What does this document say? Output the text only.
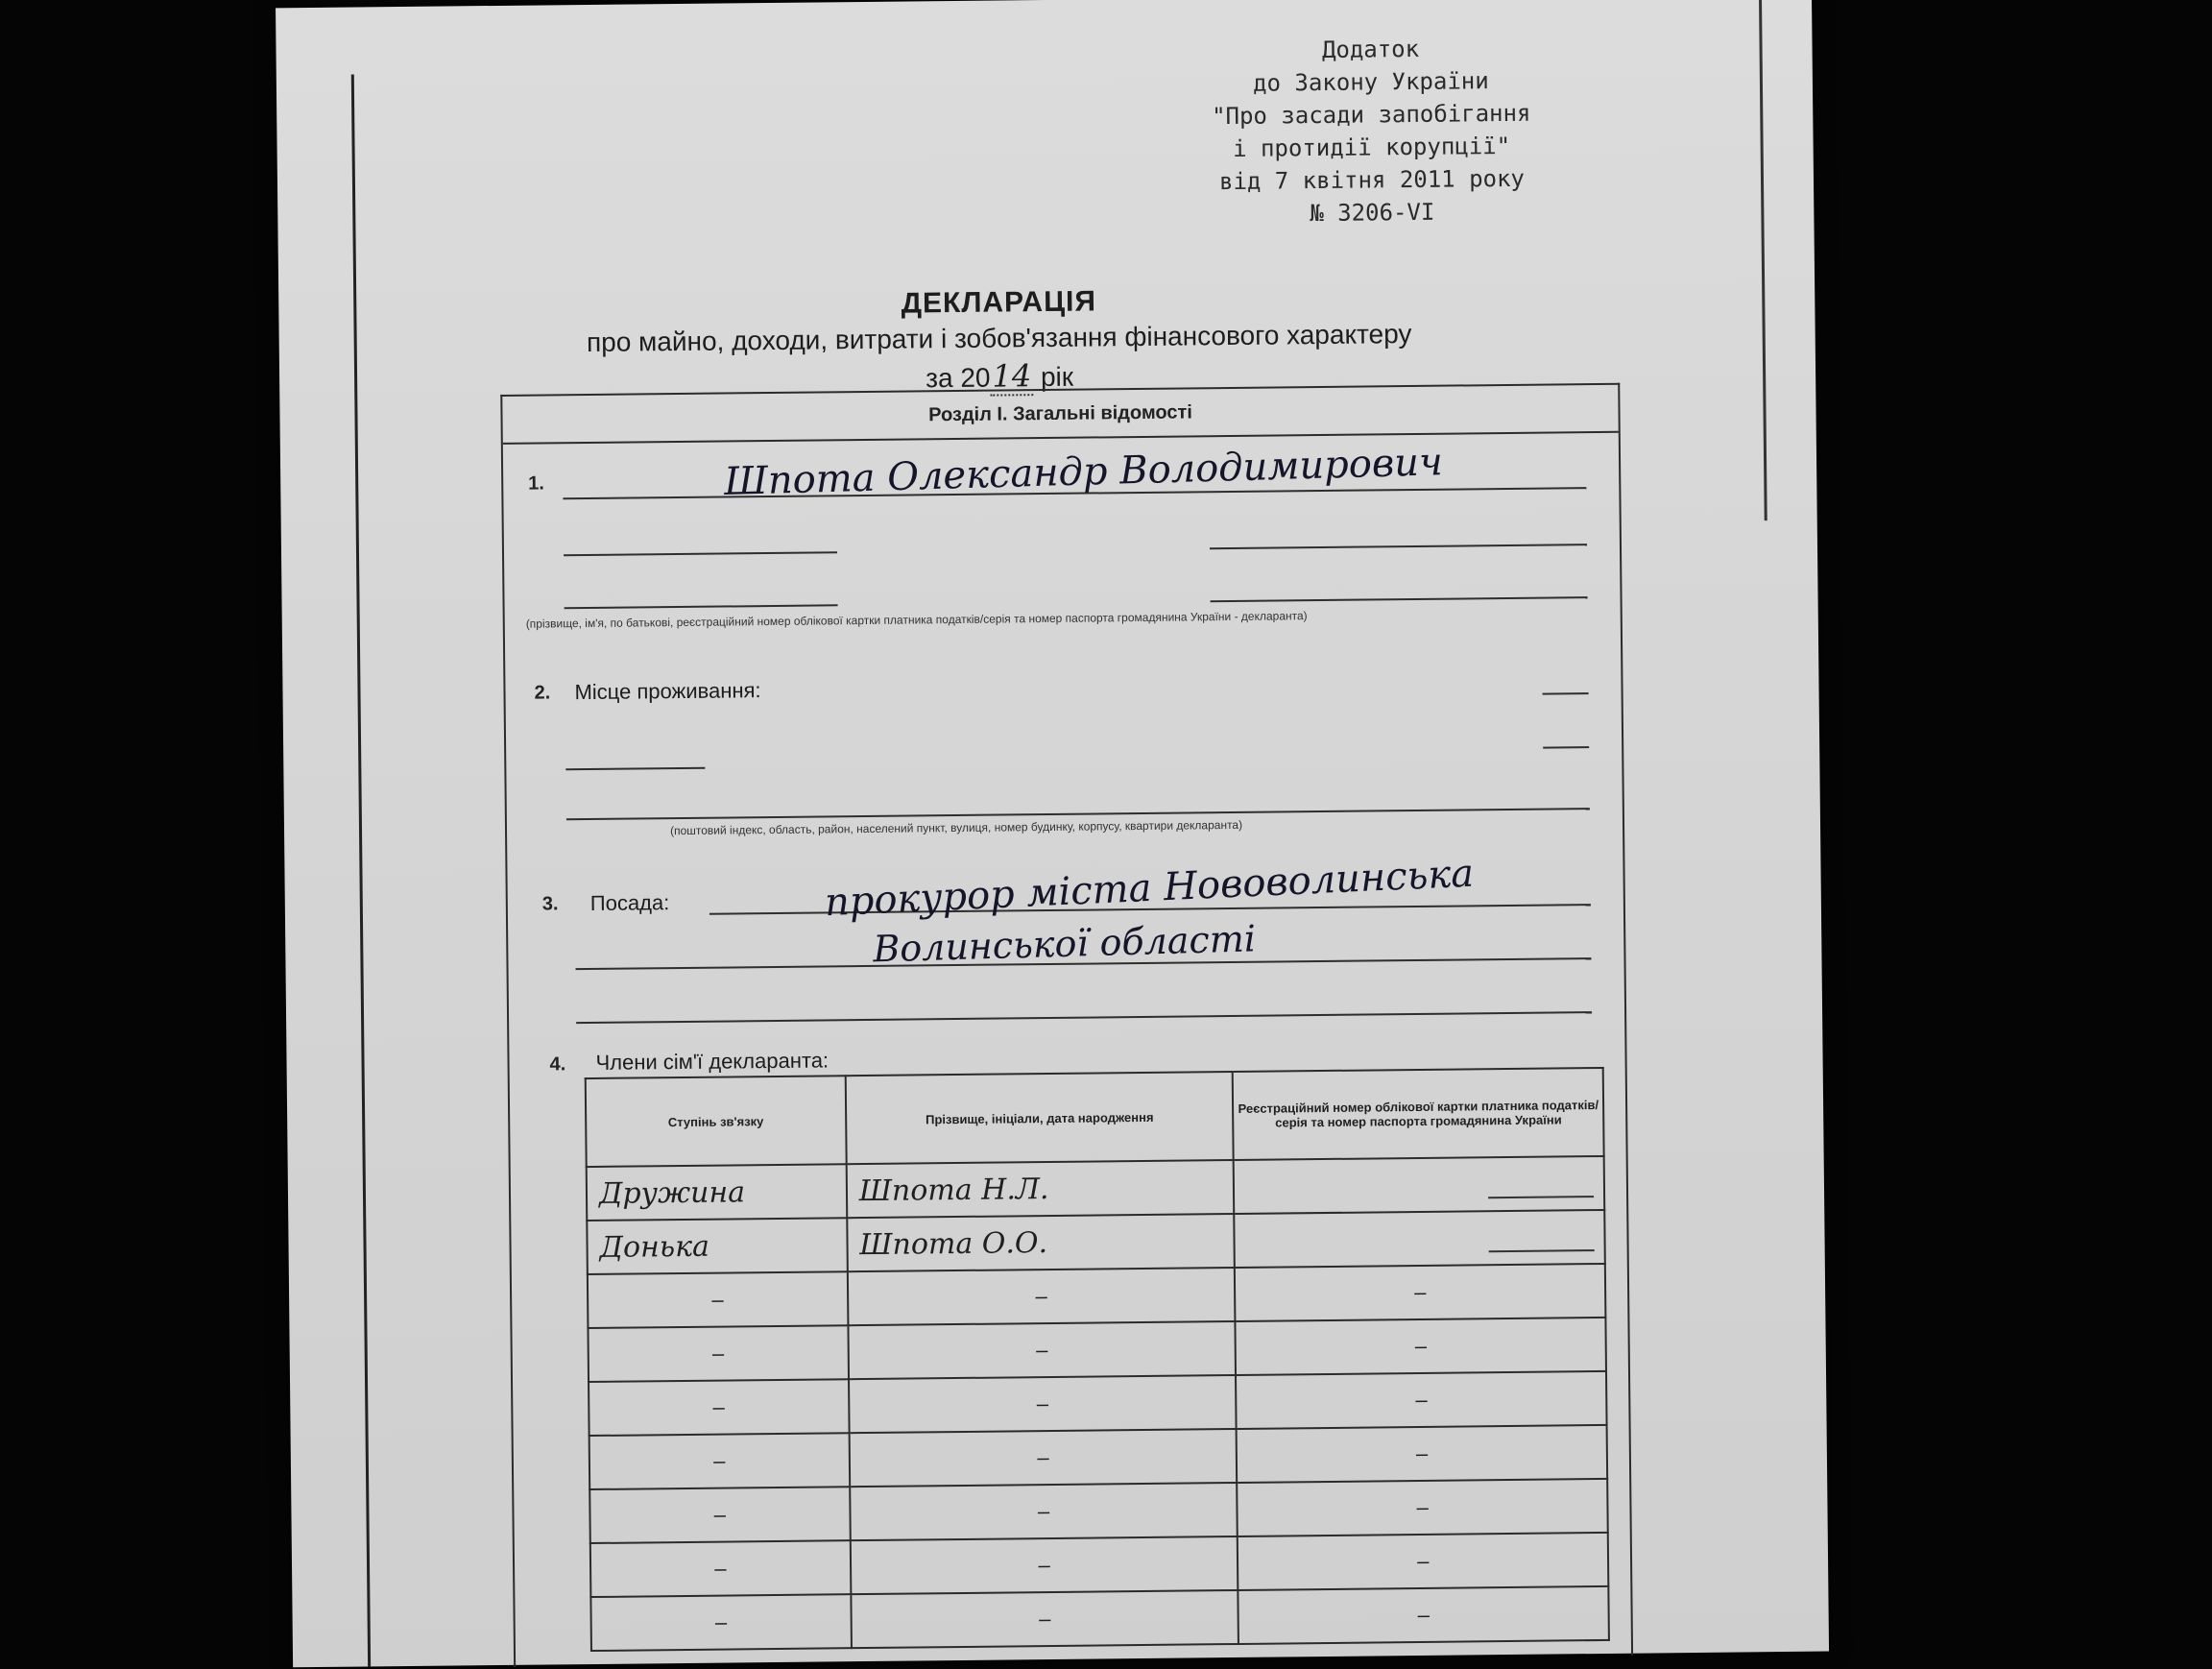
Додаток
до Закону України
"Про засади запобігання
і протидії корупції"
від 7 квітня 2011 року
№ 3206-VI
ДЕКЛАРАЦІЯ
про майно, доходи, витрати і зобов'язання фінансового характеру
за 2014 рік
Розділ І. Загальні відомості
1.	Шпота Олександр Володимирович
(прізвище, ім'я, по батькові, реєстраційний номер облікової картки платника податків/серія та номер паспорта громадянина України - декларанта)
2. Місце проживання:
(поштовий індекс, область, район, населений пункт, вулиця, номер будинку, корпусу, квартири декларанта)
3. Посада:	прокурор міста Нововолинська
Волинської області
4. Члени сім'ї декларанта:
Ступінь зв'язку	Прізвище, ініціали, дата народження	Реєстраційний номер облікової картки платника податків/ серія та номер паспорта громадянина України
Дружина	Шпота Н.Л.	

Донька	Шпота О.О.	

–	–	–
–	–	–
–	–	–
–	–	–
–	–	–
–	–	–
–	–	–
